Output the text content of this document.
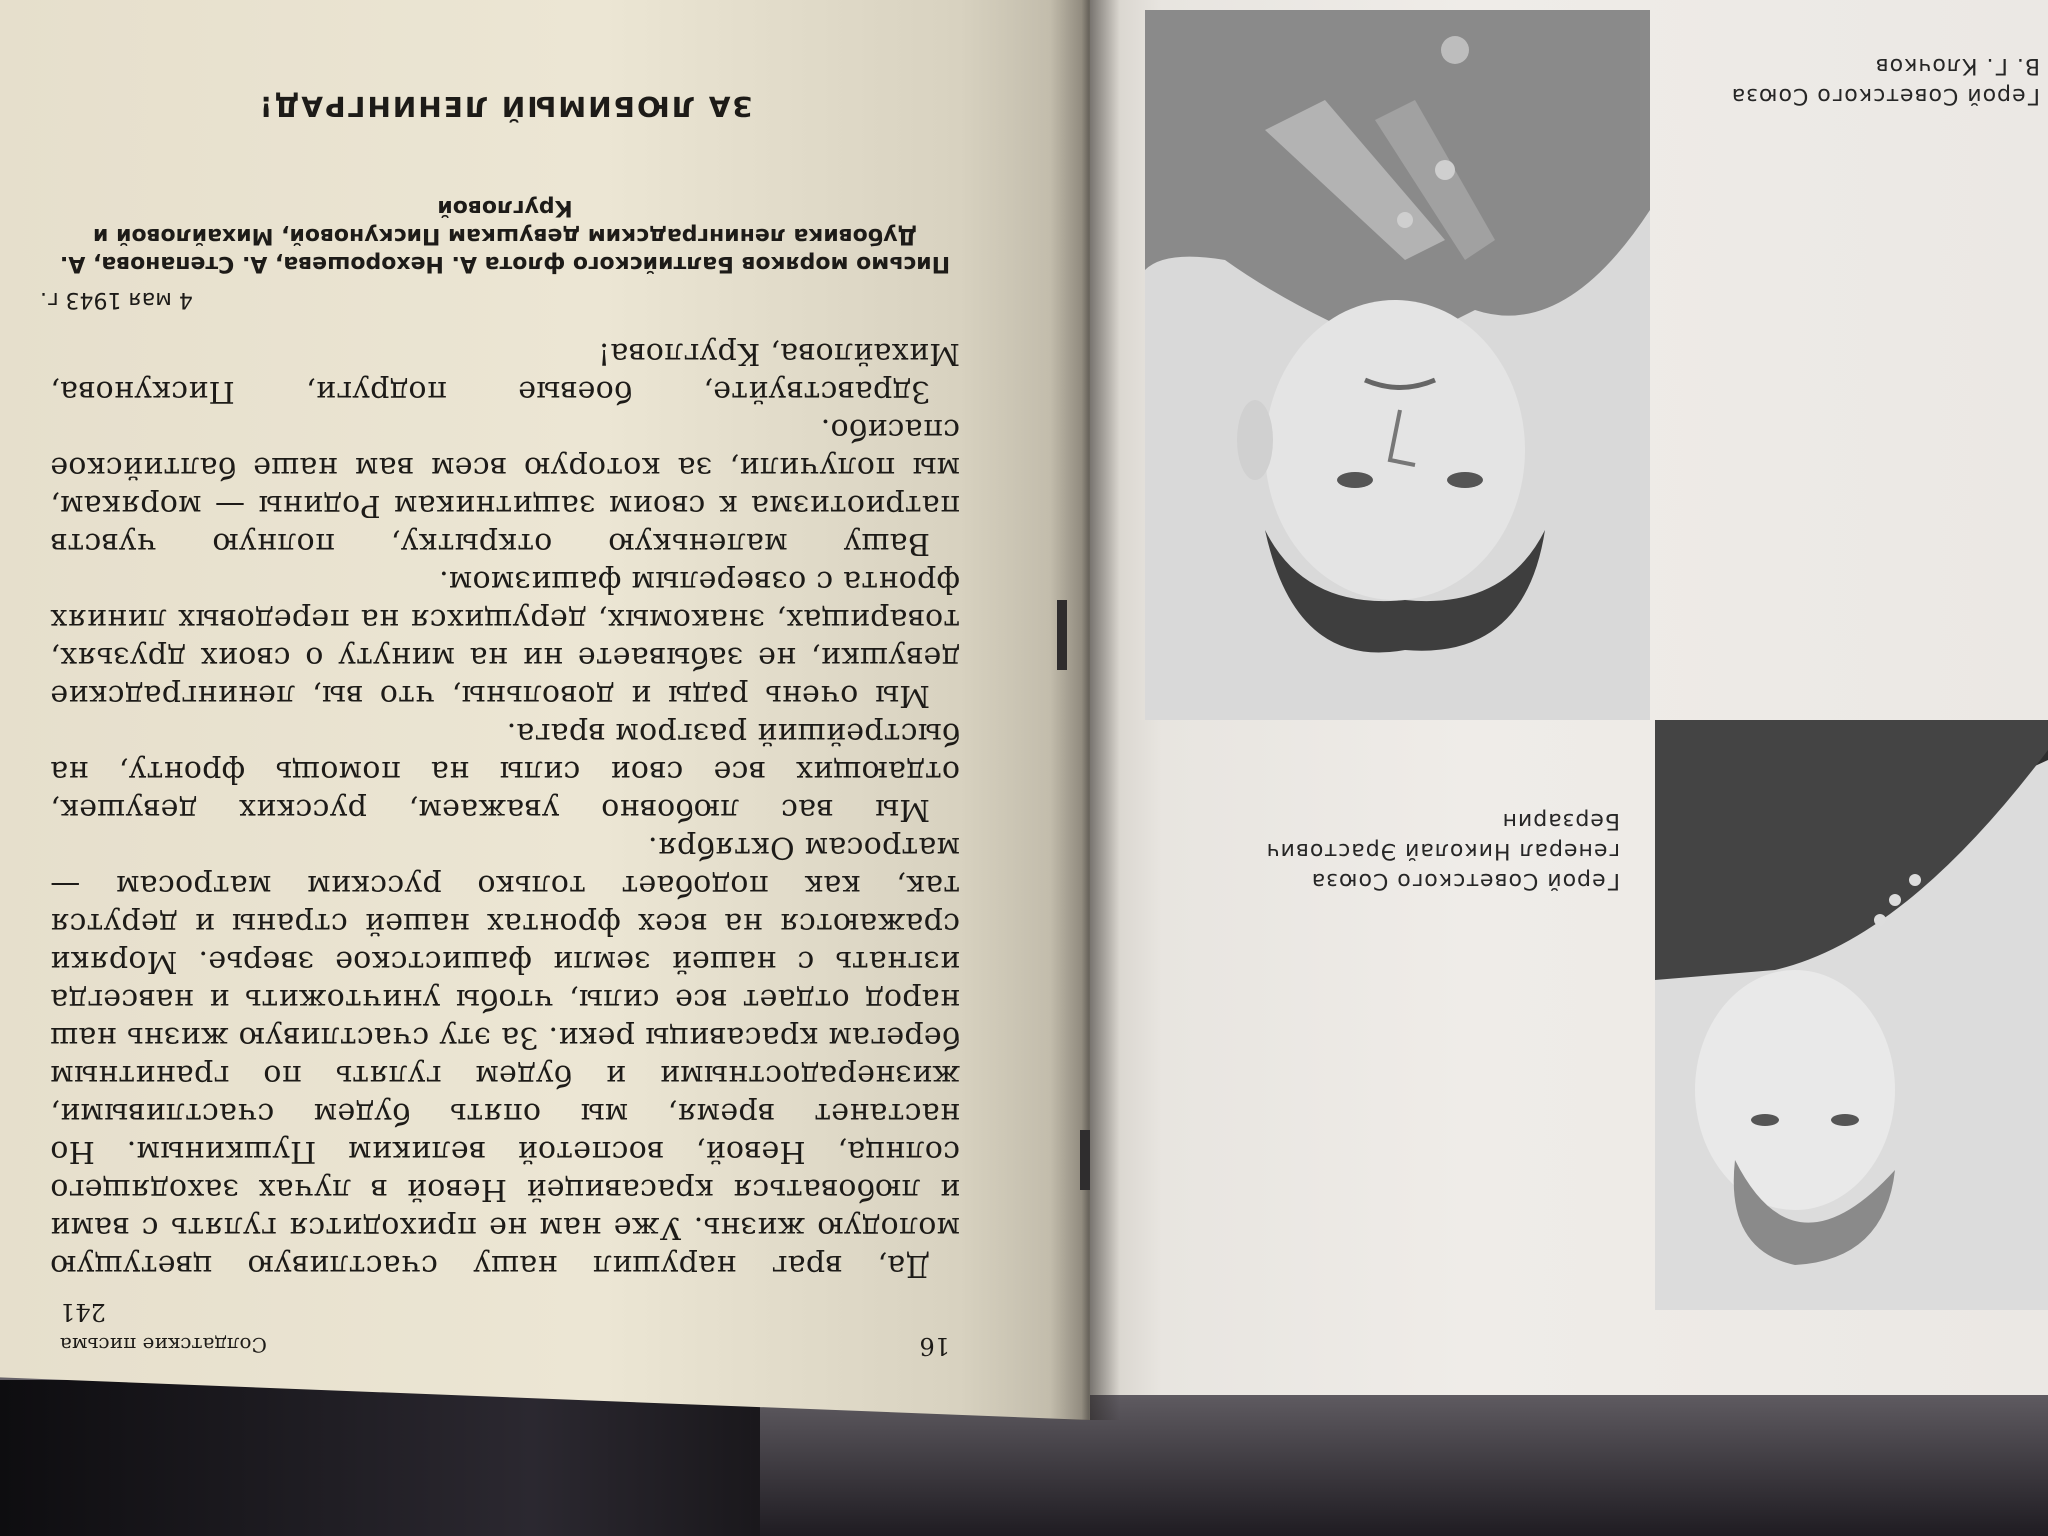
16
Солдатские письма
241

Да, враг нарушил нашу счастливую цветущую молодую жизнь. Уже нам не приходится гулять с вами и любоваться красавицей Невой в лучах заходящего солнца, Невой, воспетой великим Пушкиным. Но настанет время, мы опять будем счастливыми, жизнерадостными и будем гулять по гранитным берегам красавицы реки. За эту счастливую жизнь наш народ отдает все силы, чтобы уничтожить и навсегда изгнать с нашей земли фашистское зверье. Моряки сражаются на всех фронтах нашей страны и дерутся так, как подобает только русским матросам — матросам Октября.

Мы вас любовно уважаем, русских девушек, отдающих все свои силы на помощь фронту, на быстрейший разгром врага.

Мы очень рады и довольны, что вы, ленинградские девушки, не забываете ни на минуту о своих друзьях, товарищах, знакомых, дерущихся на передовых линиях фронта с озверелым фашизмом.

Вашу маленькую открытку, полную чувств патриотизма к своим защитникам Родины — морякам, мы получили, за которую всем вам наше балтийское спасибо.

Здравствуйте, боевые подруги, Пискунова, Михайлова, Круглова!

4 мая 1943 г.
Письмо моряков Балтийского флота А. Нехорошева, А. Степанова, А. Дубовика ленинградским девушкам Пискуновой, Михайловой и Кругловой
ЗА ЛЮБИМЫЙ ЛЕНИНГРАД!
Герой Советского Союза генерал Николай Эрастович Берзарин
Герой Советского Союза В. Г. Клочков
